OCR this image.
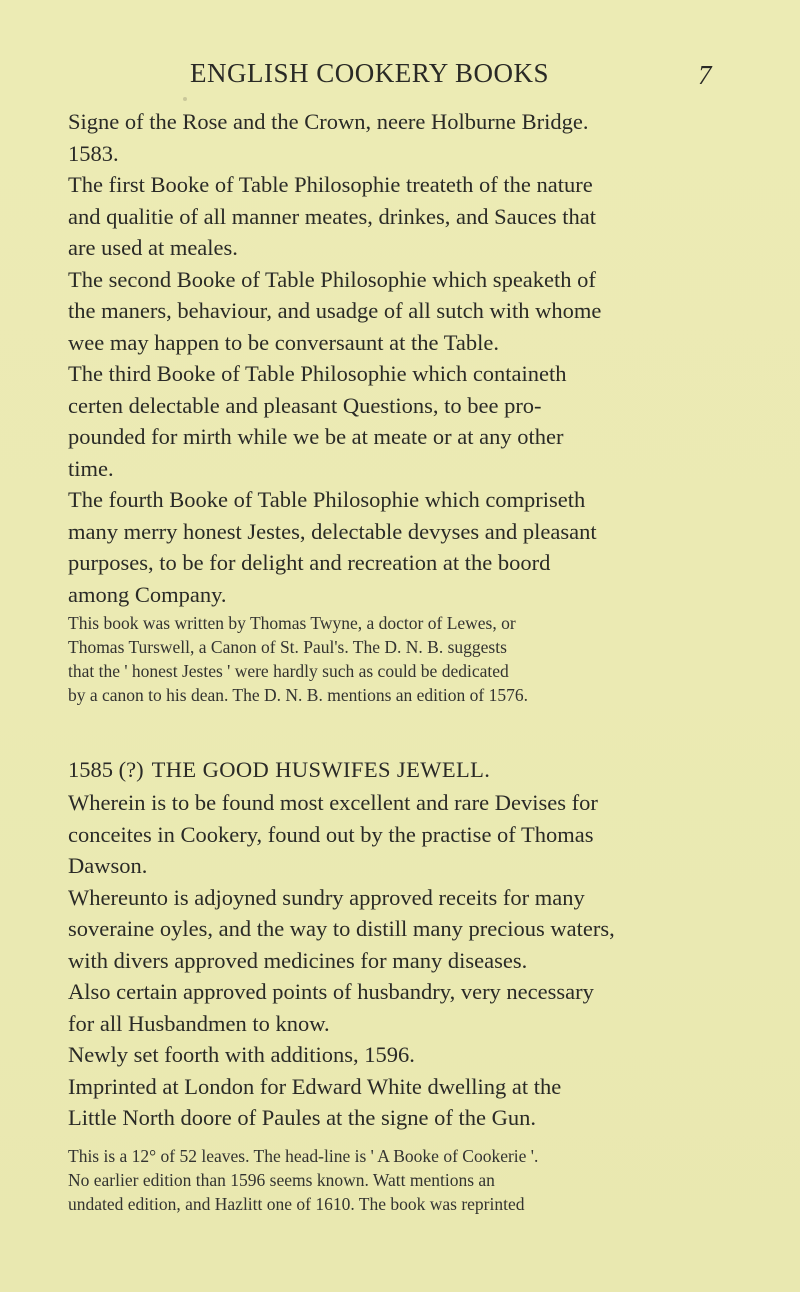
ENGLISH COOKERY BOOKS	7
Signe of the Rose and the Crown, neere Holburne Bridge.
1583.
The first Booke of Table Philosophie treateth of the nature
and qualitie of all manner meates, drinkes, and Sauces that
are used at meales.
The second Booke of Table Philosophie which speaketh of
the maners, behaviour, and usadge of all sutch with whome
wee may happen to be conversaunt at the Table.
The third Booke of Table Philosophie which containeth
certen delectable and pleasant Questions, to bee pro-
pounded for mirth while we be at meate or at any other
time.
The fourth Booke of Table Philosophie which compriseth
many merry honest Jestes, delectable devyses and pleasant
purposes, to be for delight and recreation at the boord
among Company.
This book was written by Thomas Twyne, a doctor of Lewes, or
Thomas Turswell, a Canon of St. Paul's. The D. N. B. suggests
that the ' honest Jestes ' were hardly such as could be dedicated
by a canon to his dean. The D. N. B. mentions an edition of 1576.
1585 (?) THE GOOD HUSWIFES JEWELL.
Wherein is to be found most excellent and rare Devises for
conceites in Cookery, found out by the practise of Thomas
Dawson.
Whereunto is adjoyned sundry approved receits for many
soveraine oyles, and the way to distill many precious waters,
with divers approved medicines for many diseases.
Also certain approved points of husbandry, very necessary
for all Husbandmen to know.
Newly set foorth with additions, 1596.
Imprinted at London for Edward White dwelling at the
Little North doore of Paules at the signe of the Gun.
This is a 12° of 52 leaves. The head-line is ' A Booke of Cookerie '.
No earlier edition than 1596 seems known. Watt mentions an
undated edition, and Hazlitt one of 1610. The book was reprinted
